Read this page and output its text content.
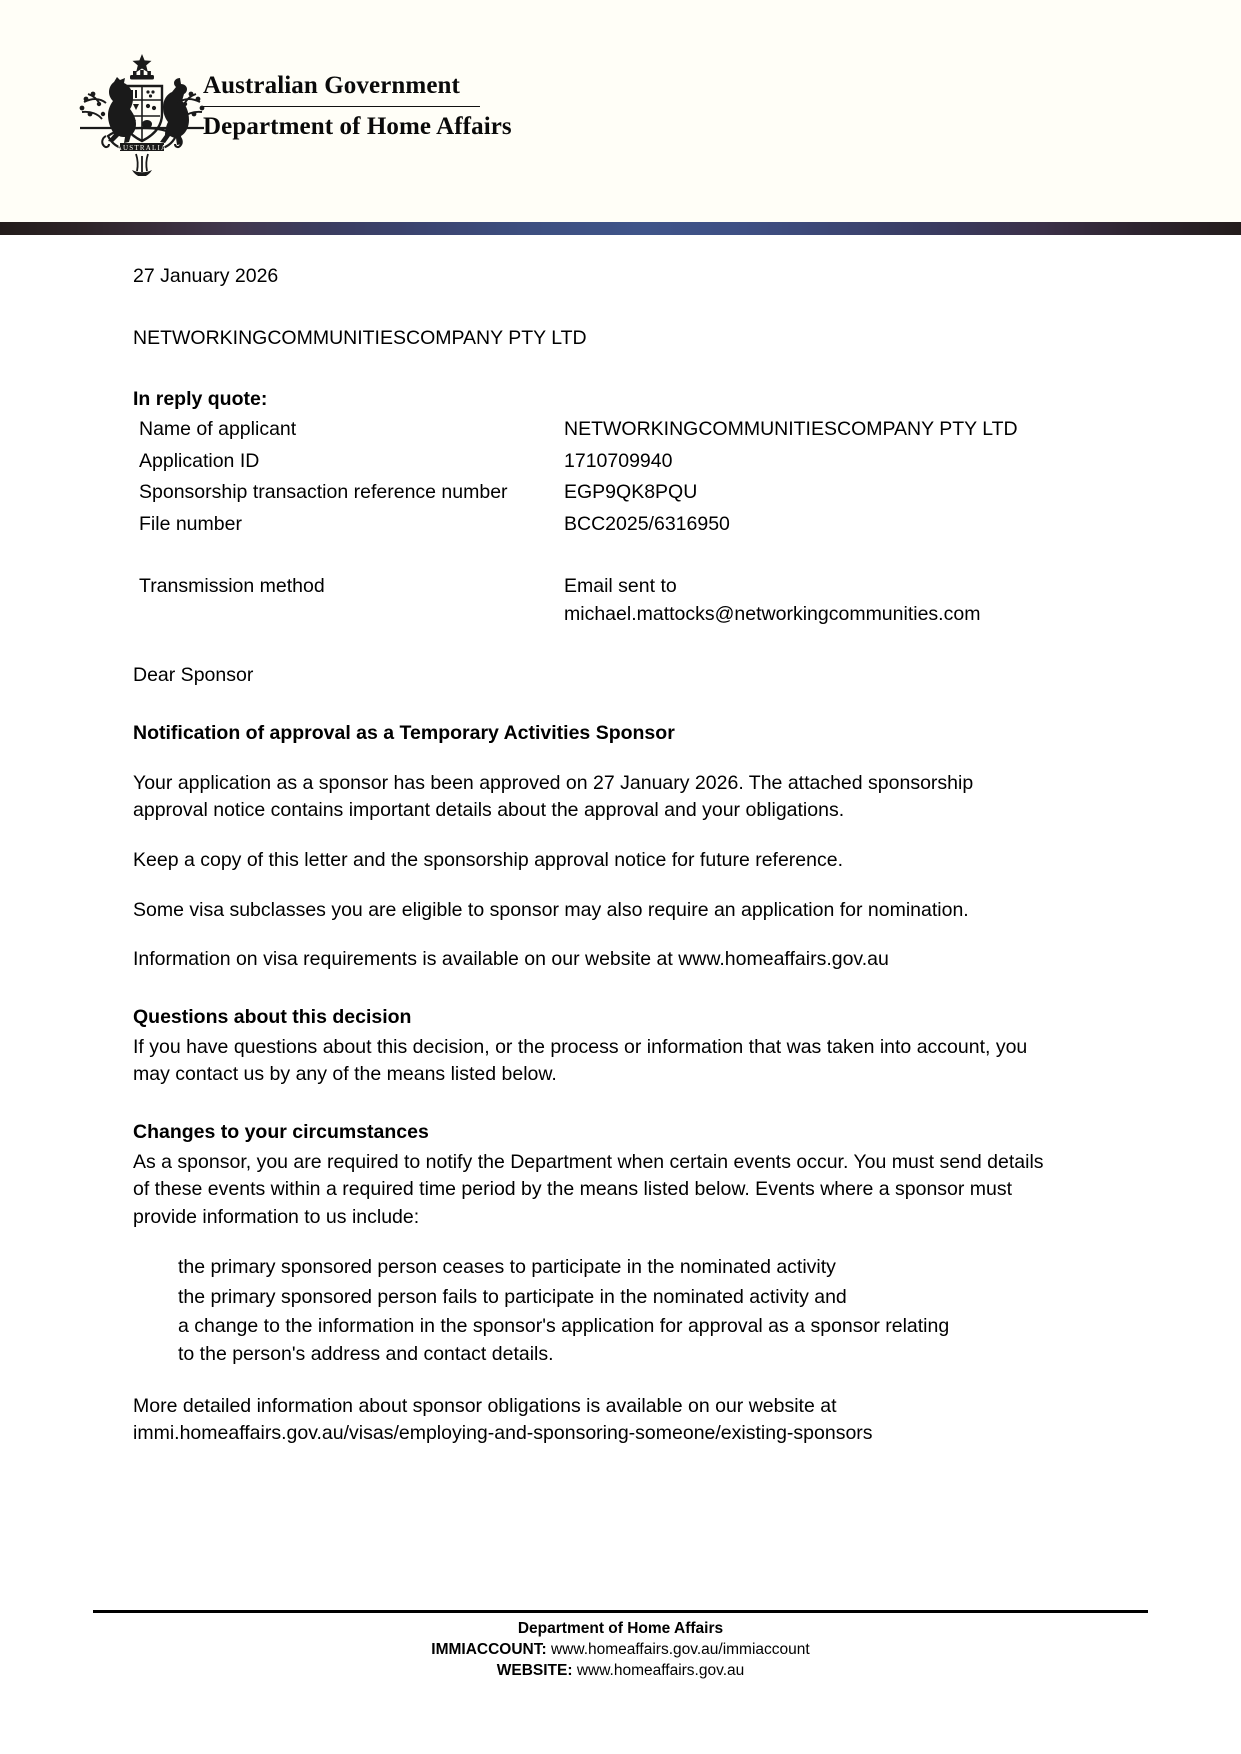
AUSTRALIA
Australian Government
Department of Home Affairs
27 January 2026
NETWORKINGCOMMUNITIESCOMPANY PTY LTD
In reply quote:
Name of applicant	NETWORKINGCOMMUNITIESCOMPANY PTY LTD
Application ID	1710709940
Sponsorship transaction reference number	EGP9QK8PQU
File number	BCC2025/6316950

Transmission method	Email sent to michael.mattocks@networkingcommunities.com
Dear Sponsor
Notification of approval as a Temporary Activities Sponsor

Your application as a sponsor has been approved on 27 January 2026. The attached sponsorship approval notice contains important details about the approval and your obligations.

Keep a copy of this letter and the sponsorship approval notice for future reference.

Some visa subclasses you are eligible to sponsor may also require an application for nomination.

Information on visa requirements is available on our website at www.homeaffairs.gov.au

Questions about this decision

If you have questions about this decision, or the process or information that was taken into account, you may contact us by any of the means listed below.

Changes to your circumstances

As a sponsor, you are required to notify the Department when certain events occur. You must send details of these events within a required time period by the means listed below. Events where a sponsor must provide information to us include:

the primary sponsored person ceases to participate in the nominated activity
the primary sponsored person fails to participate in the nominated activity and
a change to the information in the sponsor's application for approval as a sponsor relating to the person's address and contact details.

More detailed information about sponsor obligations is available on our website at immi.homeaffairs.gov.au/visas/employing-and-sponsoring-someone/existing-sponsors

Department of Home Affairs
IMMIACCOUNT: www.homeaffairs.gov.au/immiaccount
WEBSITE: www.homeaffairs.gov.au
